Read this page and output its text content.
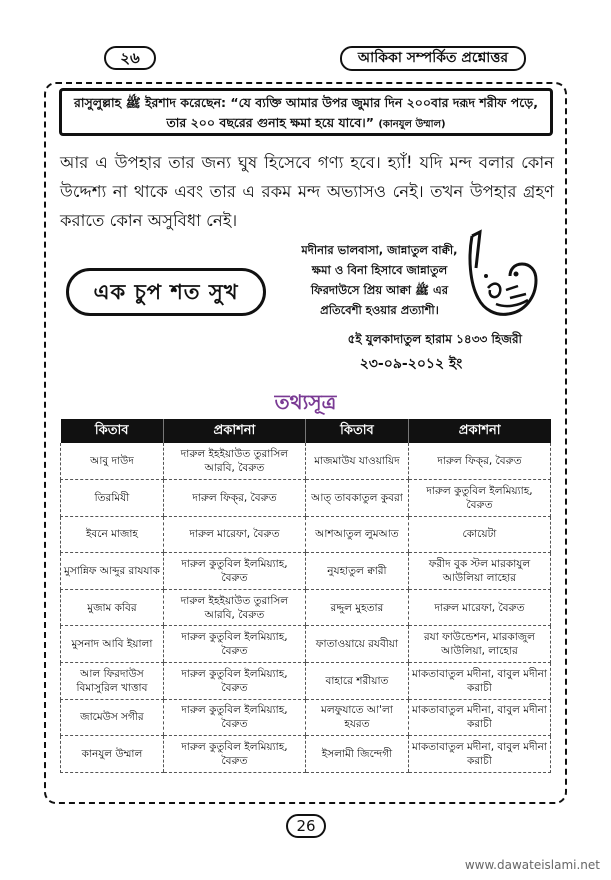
২৬	আকিকা সম্পর্কিত প্রশ্নোত্তর
রাসুলুল্লাহ ﷺ ইরশাদ করেছেন: “যে ব্যক্তি আমার উপর জুমার দিন ২০০বার দরূদ শরীফ পড়ে, তার ২০০ বছরের গুনাহ ক্ষমা হয়ে যাবে।” (কানযুল উম্মাল)

আর এ উপহার তার জন্য ঘুষ হিসেবে গণ্য হবে। হ্যাঁ! যদি মন্দ বলার কোন উদ্দেশ্য না থাকে এবং তার এ রকম মন্দ অভ্যাসও নেই। তখন উপহার গ্রহণ করাতে কোন অসুবিধা নেই।

এক চুপ শত সুখ
মদীনার ভালবাসা, জান্নাতুল বাক্বী,
ক্ষমা ও বিনা হিসাবে জান্নাতুল
ফিরদাউসে প্রিয় আক্বা ﷺ এর
প্রতিবেশী হওয়ার প্রত্যাশী।
৫ই যুলকাদাতুল হারাম ১৪৩৩ হিজরী
২৩-০৯-২০১২ ইং
তথ্যসূত্র
কিতাব	প্রকাশনা	কিতাব	প্রকাশনা
আবু দাউদ	দারুল ইহইয়াউত তুরাসিল আরবি, বৈরুত	মাজমাউয যাওয়ায়িদ	দারুল ফিক্‌র, বৈরুত
তিরমিযী	দারুল ফিক্‌র, বৈরুত	আত্ তাবকাতুল কুবরা	দারুল কুতুবিল ইলমিয়্যাহ, বৈরুত
ইবনে মাজাহ	দারুল মারেফা, বৈরুত	আশআতুল লুমআত	কোয়েটা
মুসান্নিফ আব্দুর রাযযাক	দারুল কুতুবিল ইলমিয়্যাহ, বৈরুত	নুযহাতুল ক্বারী	ফরীদ বুক স্টল মারকাযুল আউলিয়া লাহোর
মুজাম কবির	দারুল ইহইয়াউত তুরাসিল আরবি, বৈরুত	রদ্দুল মুহতার	দারুল মারেফা, বৈরুত
মুসনাদ আবি ইয়ালা	দারুল কুতুবিল ইলমিয়্যাহ, বৈরুত	ফাতাওয়ায়ে রযবীয়া	রযা ফাউন্ডেশন, মারকাজুল আউলিয়া, লাহোর
আল ফিরদাউস বিমাসুরিল খাত্তাব	দারুল কুতুবিল ইলমিয়্যাহ, বৈরুত	বাহারে শরীয়াত	মাকতাবাতুল মদীনা, বাবুল মদীনা করাচী
জামেউস সগীর	দারুল কুতুবিল ইলমিয়্যাহ, বৈরুত	মলফুযাতে আ'লা হযরত	মাকতাবাতুল মদীনা, বাবুল মদীনা করাচী
কানযুল উম্মাল	দারুল কুতুবিল ইলমিয়্যাহ, বৈরুত	ইসলামী জিন্দেগী	মাকতাবাতুল মদীনা, বাবুল মদীনা করাচী
26
www.dawateislami.net
